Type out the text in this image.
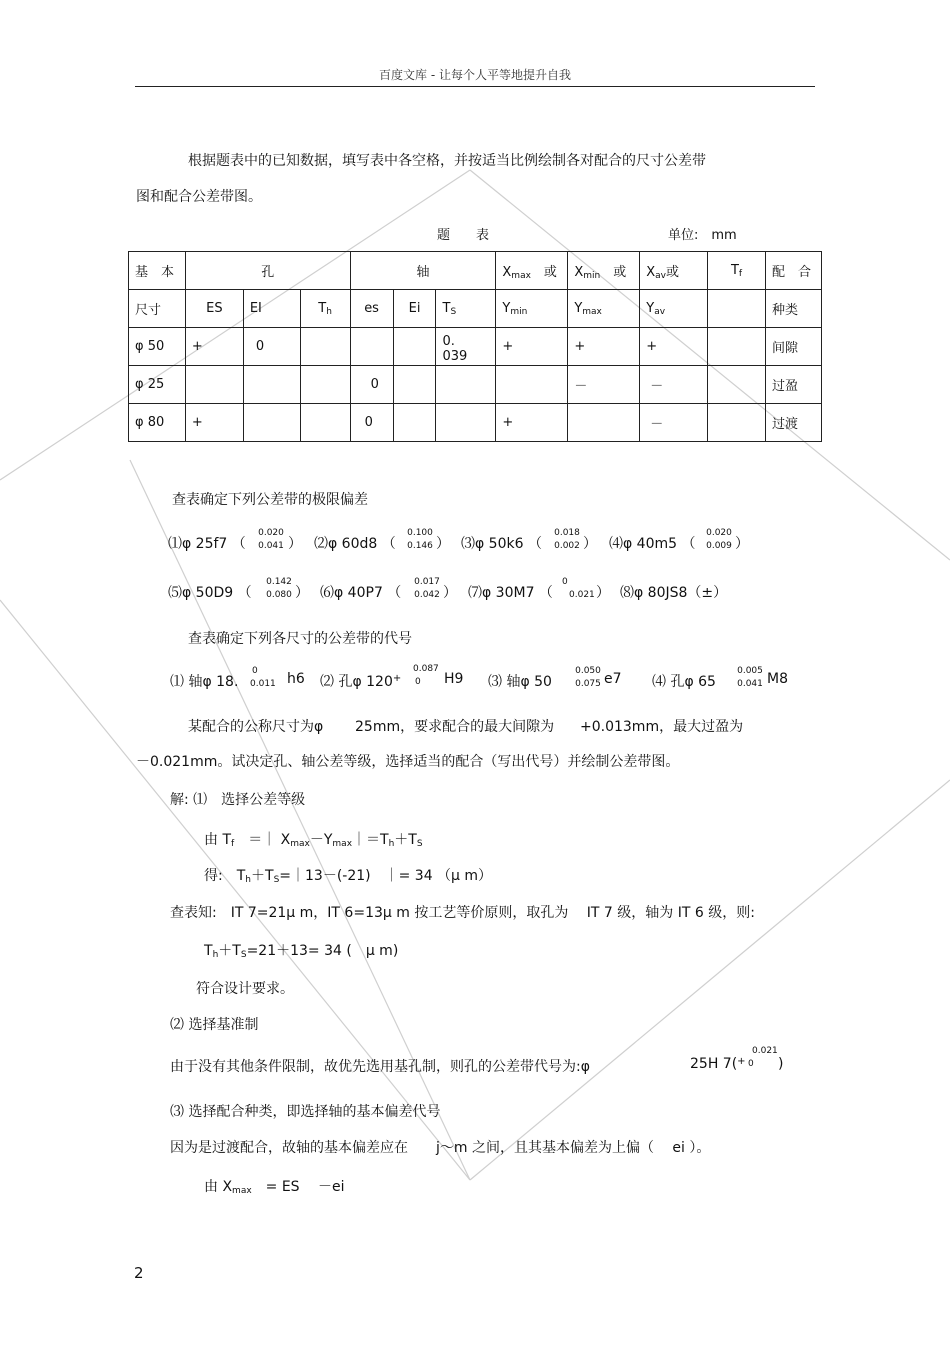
百度文库 - 让每个人平等地提升自我
根据题表中的已知数据，填写表中各空格，并按适当比例绘制各对配合的尺寸公差带
图和配合公差带图。
题　　表	单位:　mm
基　本	孔			轴			$X_{max}$　 或	$X_{min}$　 或	$X_{av}$或	$T_f$	配　合
尺寸	ES	EI	$T_h$	es	Ei	$T_S$	$Y_{min}$	$Y_{max}$	$Y_{av}$		种类
φ 50	+	0				0.　039	+	+	+		间隙
φ 25				0				－	－		过盈
φ 80	+			0			+		－		过渡
查表确定下列公差带的极限偏差
⑴φ 25f7 （
0.020
0.041 ） ⑵φ 60d8 （
0.100
0.146 ） ⑶φ 50k6 （
0.018
0.002 ） ⑷φ 40m5 （
0.020
0.009 ）
⑸φ 50D9 （
0.142
0.080 ） ⑹φ 40P7 （
0.017
0.042 ） ⑺φ 30M7 （
0
0.021 ） ⑻φ 80JS8（±）
查表确定下列各尺寸的公差带的代号
⑴ 轴φ 18.
0
0.011 h6 ⑵ 孔φ 120+
0.087
0	H9 ⑶ 轴φ 50
0.050
0.075 e7 ⑷ 孔φ 65
0.005
0.041 M8
某配合的公称尺寸为φ 25mm，要求配合的最大间隙为 +0.013mm，最大过盈为
－0.021mm。试决定孔、轴公差等级，选择适当的配合（写出代号）并绘制公差带图。
解: ⑴　选择公差等级
由 $T_f$　 ＝｜ $X_{max}-Y_{max}|=T_h+T_S$
得:　$T_h+T_S=|13-(-21)$　｜= 34 （μ m）
查表知:　IT 7=21μ m，IT 6=13μ m 按工艺等价原则，取孔为　 IT 7 级，轴为 IT 6 级，则:
$T_h+T_S=21+13= 34$ (　μ m)
符合设计要求。
⑵ 选择基准制
由于没有其他条件限制，故优先选用基孔制，则孔的公差带代号为:φ	25H 7(+
0.021
0	)
⑶ 选择配合种类，即选择轴的基本偏差代号
因为是过渡配合，故轴的基本偏差应在　　j～m 之间，且其基本偏差为上偏（　 ei ）。
由 $X_{max}$　 = ES　 －ei
2
